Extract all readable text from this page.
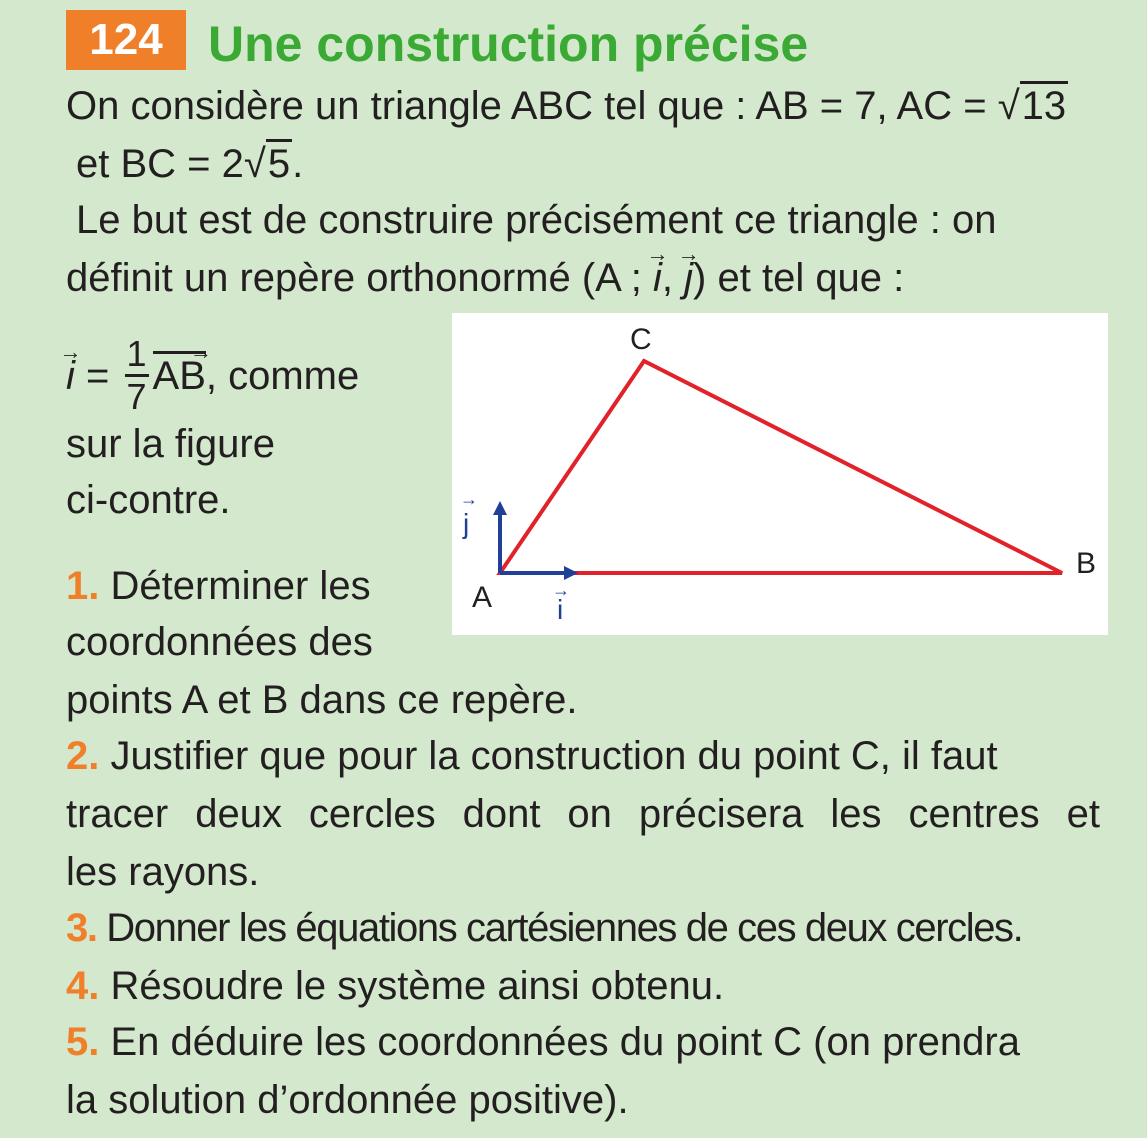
124 Une construction précise
On considère un triangle ABC tel que : AB = 7, AC = √13
et BC = 2√5.
Le but est de construire précisément ce triangle : on
définit un repère orthonormé (A ;
→
i,
→
j) et tel que :
→
$i = \frac{1}{7}$ →
AB, comme
sur la figure
ci-contre.
A
B
C
i
→
j
→
1. Déterminer les
coordonnées des
points A et B dans ce repère.
2. Justifier que pour la construction du point C, il faut
tracer deux cercles dont on précisera les centres et
les rayons.
3. Donner les équations cartésiennes de ces deux cercles.
4. Résoudre le système ainsi obtenu.
5. En déduire les coordonnées du point C (on prendra
la solution d’ordonnée positive).
